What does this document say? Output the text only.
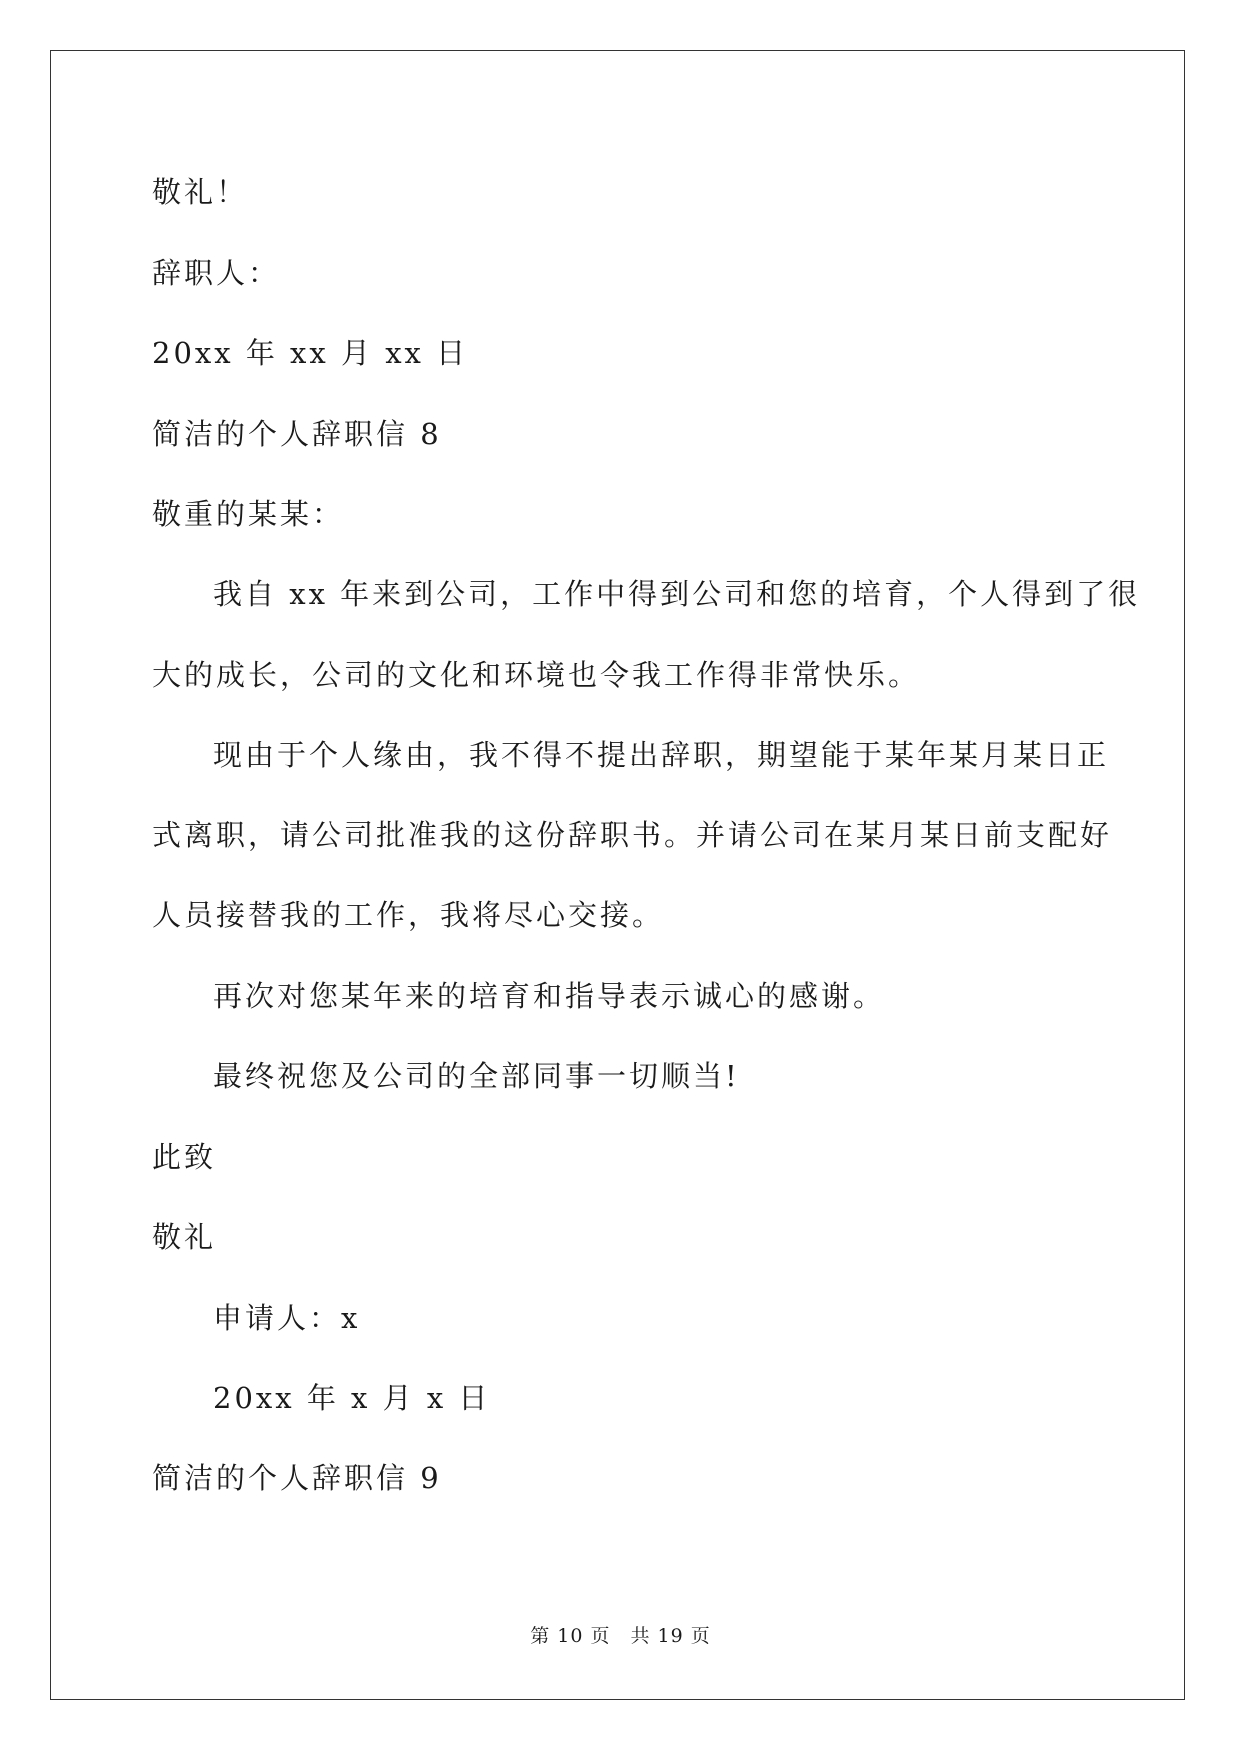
敬礼！
辞职人：
20xx 年 xx 月 xx 日
简洁的个人辞职信 8
敬重的某某：
我自 xx 年来到公司，工作中得到公司和您的培育，个人得到了很
大的成长，公司的文化和环境也令我工作得非常快乐。
现由于个人缘由，我不得不提出辞职，期望能于某年某月某日正
式离职，请公司批准我的这份辞职书。并请公司在某月某日前支配好
人员接替我的工作，我将尽心交接。
再次对您某年来的培育和指导表示诚心的感谢。
最终祝您及公司的全部同事一切顺当!
此致
敬礼
申请人：x
20xx 年 x 月 x 日
简洁的个人辞职信 9
第 10 页 共 19 页
